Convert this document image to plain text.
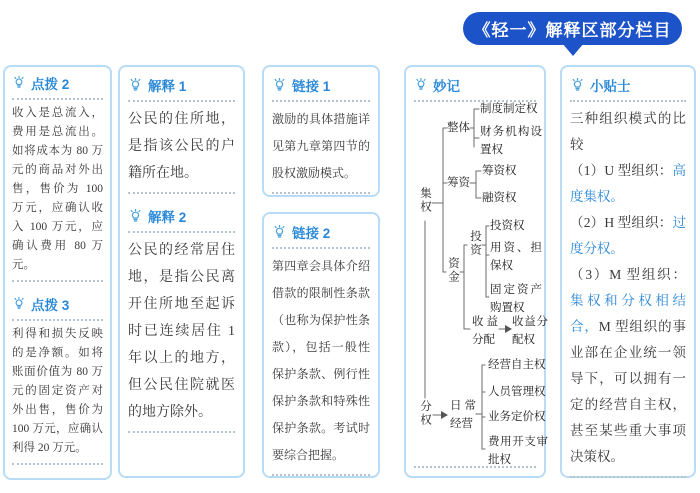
《轻一》解释区部分栏目
点拨 2
收入是总流入，费用是总流出。如将成本为 80 万元的商品对外出售，售价为 100 万元，应确认收入 100 万元，应确认费用 80 万元。
点拨 3
利得和损失反映的是净额。如将账面价值为 80 万元的固定资产对外出售，售价为 100 万元，应确认利得 20 万元。
解释 1
公民的住所地，是指该公民的户籍所在地。
解释 2
公民的经常居住地，是指公民离开住所地至起诉时已连续居住 1 年以上的地方，但公民住院就医的地方除外。
链接 1
激励的具体措施详见第九章第四节的股权激励模式。
链接 2
第四章会具体介绍借款的限制性条款（也称为保护性条款），包括一般性保护条款、例行性保护条款和特殊性保护条款。考试时要综合把握。
妙记
集权
整体
制度制定权
财务机构设置权
筹资
筹资权
融资权
资金
投资
投资权
用资、担保权
固定资产购置权
收益分配
收益分配权
分权 日常经营
经营自主权
人员管理权
业务定价权
费用开支审批权
小贴士

三种组织模式的比较

（1）U 型组织：高度集权。

（2）H 型组织：过度分权。

（3）M 型组织：集权和分权相结合，M 型组织的事业部在企业统一领导下，可以拥有一定的经营自主权，甚至某些重大事项决策权。
